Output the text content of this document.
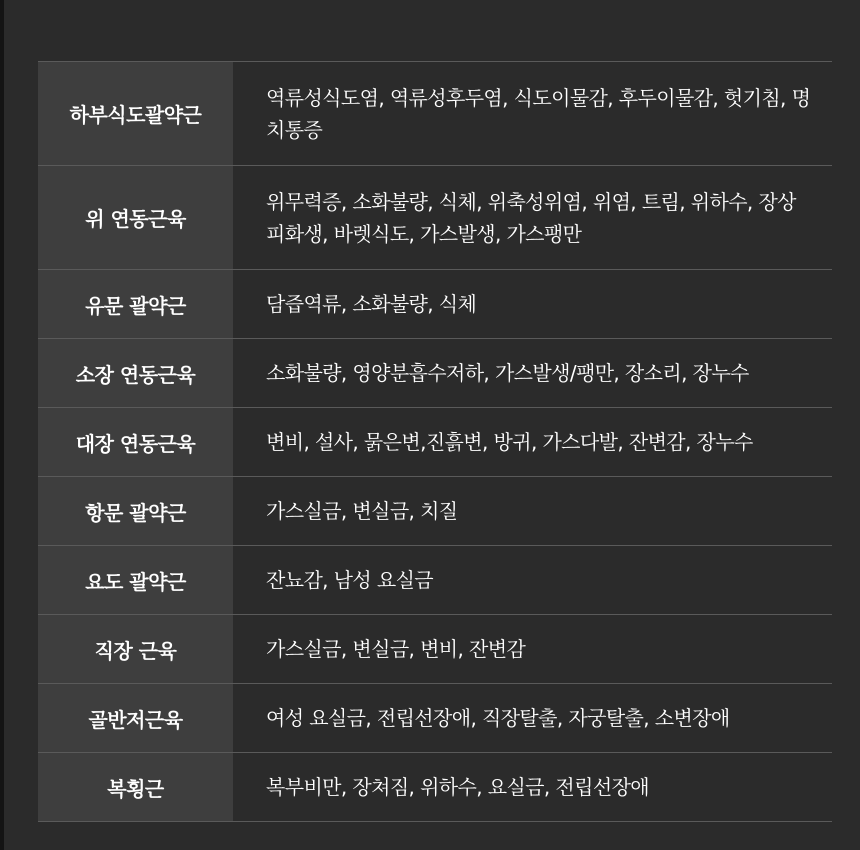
하부식도괄약근	역류성식도염, 역류성후두염, 식도이물감, 후두이물감, 헛기침, 명치통증
위 연동근육	위무력증, 소화불량, 식체, 위축성위염, 위염, 트림, 위하수, 장상피화생, 바렛식도, 가스발생, 가스팽만
유문 괄약근	담즙역류, 소화불량, 식체
소장 연동근육	소화불량, 영양분흡수저하, 가스발생/팽만, 장소리, 장누수
대장 연동근육	변비, 설사, 묽은변,진흙변, 방귀, 가스다발, 잔변감, 장누수
항문 괄약근	가스실금, 변실금, 치질
요도 괄약근	잔뇨감, 남성 요실금
직장 근육	가스실금, 변실금, 변비, 잔변감
골반저근육	여성 요실금, 전립선장애, 직장탈출, 자궁탈출, 소변장애
복횡근	복부비만, 장쳐짐, 위하수, 요실금, 전립선장애
